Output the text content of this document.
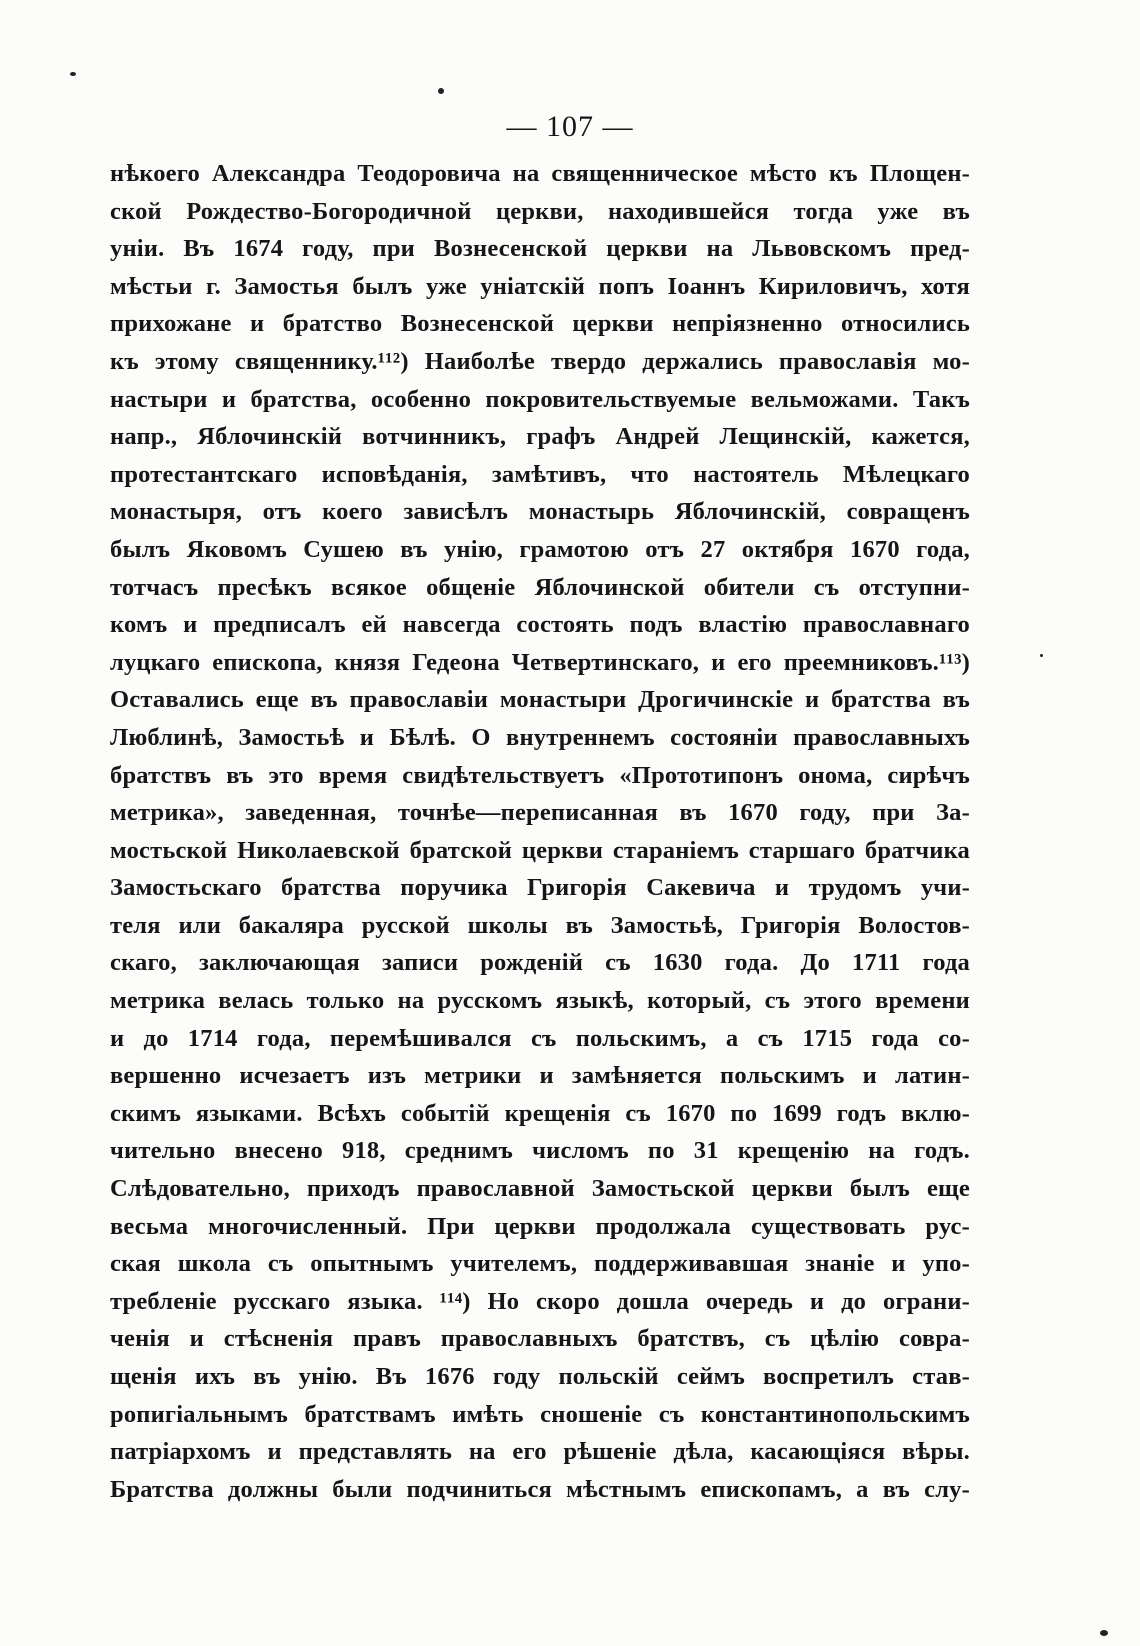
— 107 —
нѣкоего Александра Теодоровича на священническое мѣсто къ Площен-
ской Рождество-Богородичной церкви, находившейся тогда уже въ
уніи. Въ 1674 году, при Вознесенской церкви на Львовскомъ пред-
мѣстьи г. Замостья былъ уже уніатскій попъ Іоаннъ Кириловичъ, хотя
прихожане и братство Вознесенской церкви непріязненно относились
къ этому священнику.¹¹²) Наиболѣе твердо держались православія мо-
настыри и братства, особенно покровительствуемые вельможами. Такъ
напр., Яблочинскій вотчинникъ, графъ Андрей Лещинскій, кажется,
протестантскаго исповѣданія, замѣтивъ, что настоятель Мѣлецкаго
монастыря, отъ коего зависѣлъ монастырь Яблочинскій, совращенъ
былъ Яковомъ Сушею въ унію, грамотою отъ 27 октября 1670 года,
тотчасъ пресѣкъ всякое общеніе Яблочинской обители съ отступни-
комъ и предписалъ ей навсегда состоять подъ властію православнаго
луцкаго епископа, князя Гедеона Четвертинскаго, и его преемниковъ.¹¹³)
Оставались еще въ православіи монастыри Дрогичинскіе и братства въ
Люблинѣ, Замостьѣ и Бѣлѣ. О внутреннемъ состояніи православныхъ
братствъ въ это время свидѣтельствуетъ «Прототипонъ онома, сирѣчъ
метрика», заведенная, точнѣе—переписанная въ 1670 году, при За-
мостьской Николаевской братской церкви стараніемъ старшаго братчика
Замостьскаго братства поручика Григорія Сакевича и трудомъ учи-
теля или бакаляра русской школы въ Замостьѣ, Григорія Волостов-
скаго, заключающая записи рожденій съ 1630 года. До 1711 года
метрика велась только на русскомъ языкѣ, который, съ этого времени
и до 1714 года, перемѣшивался съ польскимъ, а съ 1715 года со-
вершенно исчезаетъ изъ метрики и замѣняется польскимъ и латин-
скимъ языками. Всѣхъ событій крещенія съ 1670 по 1699 годъ вклю-
чительно внесено 918, среднимъ числомъ по 31 крещенію на годъ.
Слѣдовательно, приходъ православной Замостьской церкви былъ еще
весьма многочисленный. При церкви продолжала существовать рус-
ская школа съ опытнымъ учителемъ, поддерживавшая знаніе и упо-
требленіе русскаго языка. ¹¹⁴) Но скоро дошла очередь и до ограни-
ченія и стѣсненія правъ православныхъ братствъ, съ цѣлію совра-
щенія ихъ въ унію. Въ 1676 году польскій сеймъ воспретилъ став-
ропигіальнымъ братствамъ имѣть сношеніе съ константинопольскимъ
патріархомъ и представлять на его рѣшеніе дѣла, касающіяся вѣры.
Братства должны были подчиниться мѣстнымъ епископамъ, а въ слу-
